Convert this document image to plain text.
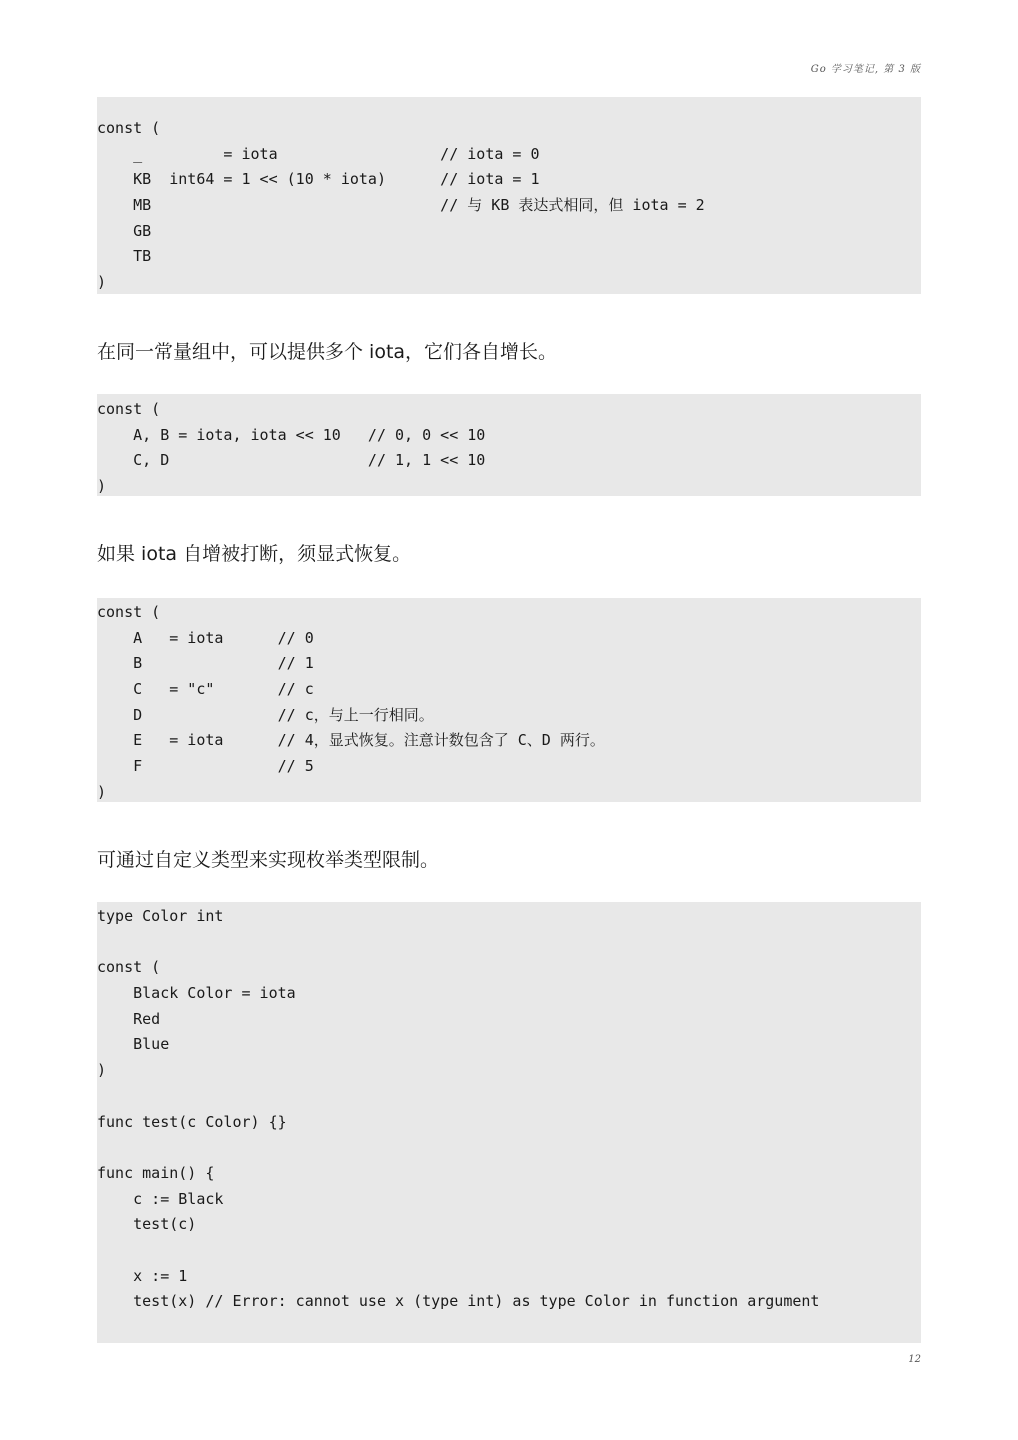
Go 学习笔记, 第 3 版
const (
_         = iota                  // iota = 0
KB  int64 = 1 << (10 * iota)      // iota = 1
MB                                // 与 KB 表达式相同，但 iota = 2
GB
TB
)

在同一常量组中，可以提供多个 iota，它们各自增长。

const (
A, B = iota, iota << 10   // 0, 0 << 10
C, D                      // 1, 1 << 10
)

如果 iota 自增被打断，须显式恢复。

const (
A   = iota      // 0
B               // 1
C   = "c"       // c
D               // c，与上一行相同。
E   = iota      // 4，显式恢复。注意计数包含了 C、D 两行。
F               // 5
)

可通过自定义类型来实现枚举类型限制。

type Color int
const (
Black Color = iota
Red
Blue
)
func test(c Color) {}
func main() {
c := Black
test(c)
x := 1
test(x) // Error: cannot use x (type int) as type Color in function argument
12
